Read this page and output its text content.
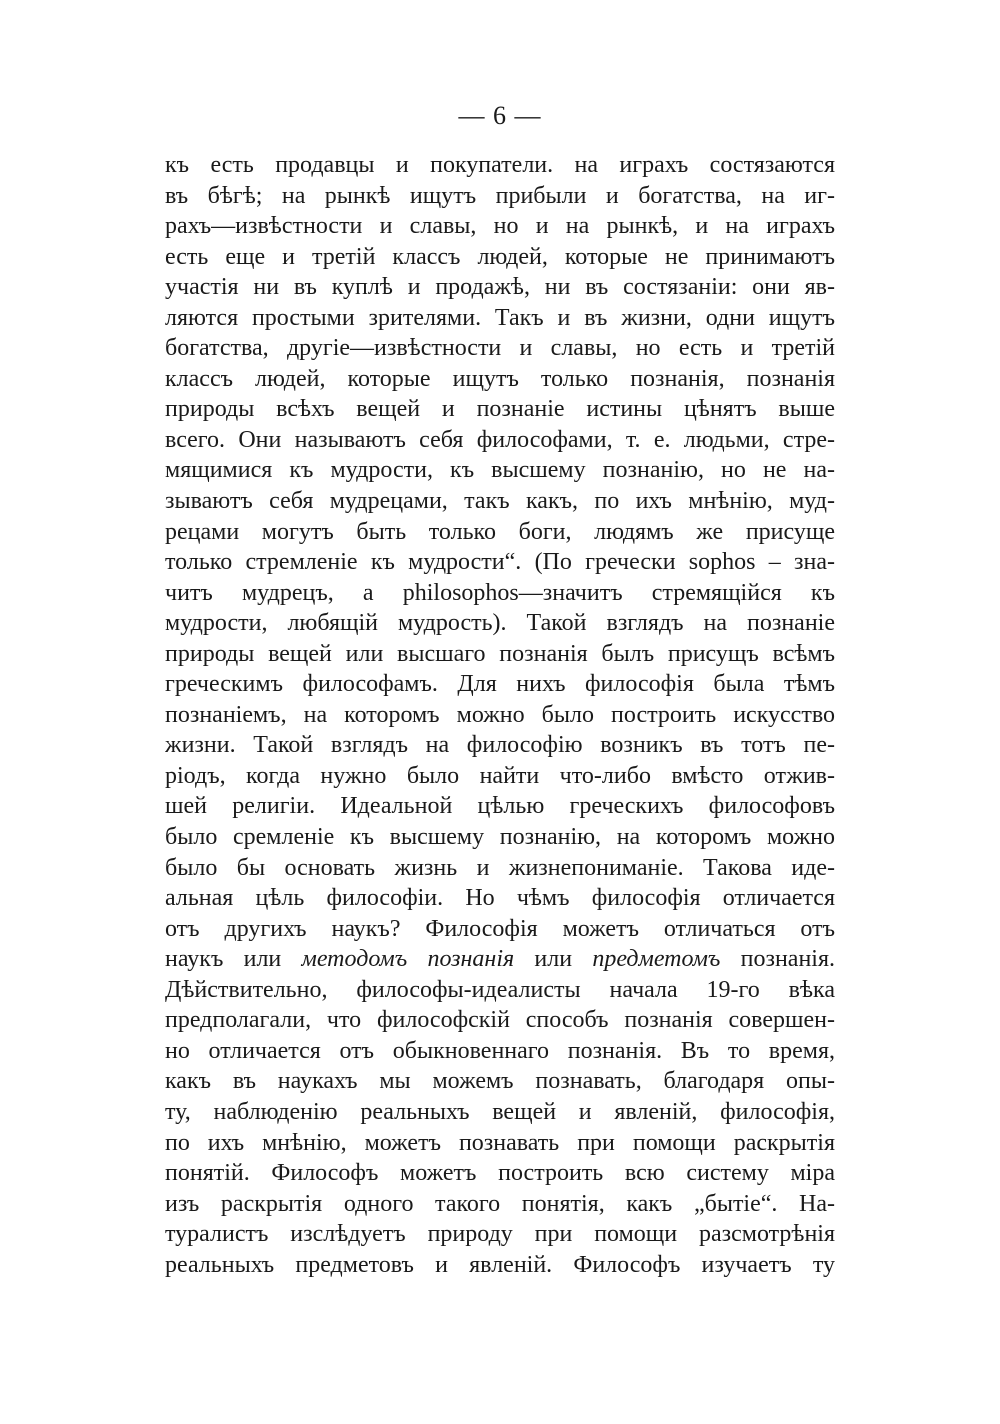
— 6 —
къ есть продавцы и покупатели. на играхъ состязаются
въ бѣгѣ; на рынкѣ ищутъ прибыли и богатства, на иг-
рахъ—извѣстности и славы, но и на рынкѣ, и на играхъ
есть еще и третій классъ людей, которые не принимаютъ
участія ни въ куплѣ и продажѣ, ни въ состязаніи: они яв-
ляются простыми зрителями. Такъ и въ жизни, одни ищутъ
богатства, другіе—извѣстности и славы, но есть и третій
классъ людей, которые ищутъ только познанія, познанія
природы всѣхъ вещей и познаніе истины цѣнятъ выше
всего. Они называютъ себя философами, т. е. людьми, стре-
мящимися къ мудрости, къ высшему познанію, но не на-
зываютъ себя мудрецами, такъ какъ, по ихъ мнѣнію, муд-
рецами могутъ быть только боги, людямъ же присуще
только стремленіе къ мудрости“. (По гречески sophos – зна-
читъ мудрецъ, а philosophos—значитъ стремящійся къ
мудрости, любящій мудрость). Такой взглядъ на познаніе
природы вещей или высшаго познанія былъ присущъ всѣмъ
греческимъ философамъ. Для нихъ философія была тѣмъ
познаніемъ, на которомъ можно было построить искусство
жизни. Такой взглядъ на философію возникъ въ тотъ пе-
ріодъ, когда нужно было найти что-либо вмѣсто отжив-
шей религіи. Идеальной цѣлью греческихъ философовъ
было сремленіе къ высшему познанію, на которомъ можно
было бы основать жизнь и жизнепониманіе. Такова иде-
альная цѣль философіи. Но чѣмъ философія отличается
отъ другихъ наукъ? Философія можетъ отличаться отъ
наукъ или методомъ познанія или предметомъ познанія.
Дѣйствительно, философы-идеалисты начала 19-го вѣка
предполагали, что философскій способъ познанія совершен-
но отличается отъ обыкновеннаго познанія. Въ то время,
какъ въ наукахъ мы можемъ познавать, благодаря опы-
ту, наблюденію реальныхъ вещей и явленій, философія,
по ихъ мнѣнію, можетъ познавать при помощи раскрытія
понятій. Философъ можетъ построить всю систему міра
изъ раскрытія одного такого понятія, какъ „бытіе“. На-
туралистъ изслѣдуетъ природу при помощи разсмотрѣнія
реальныхъ предметовъ и явленій. Философъ изучаетъ ту
